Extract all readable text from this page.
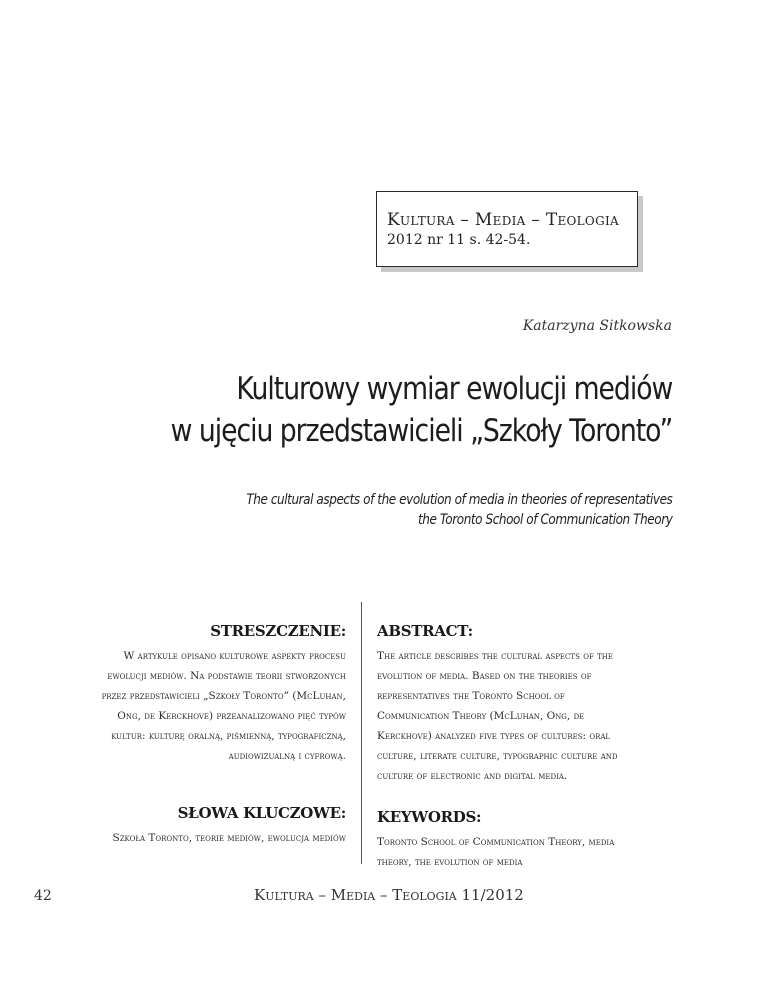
Kultura – Media – Teologia
2012 nr 11 s. 42-54.
Katarzyna Sitkowska
Kulturowy wymiar ewolucji mediów
w ujęciu przedstawicieli „Szkoły Toronto”
The cultural aspects of the evolution of media in theories of representatives
the Toronto School of Communication Theory
STRESZCZENIE:
W artykule opisano kulturowe aspekty procesu
ewolucji mediów. Na podstawie teorii stworzonych
przez przedstawicieli „Szkoły Toronto” (McLuhan,
Ong, de Kerckhove) przeanalizowano pięć typów
kultur: kulturę oralną, piśmienną, typograficzną,
audiowizualną i cyfrową.
ABSTRACT:
The article describes the cultural aspects of the
evolution of media. Based on the theories of
representatives the Toronto School of
Communication Theory (McLuhan, Ong, de
Kerckhove) analyzed five types of cultures: oral
culture, literate culture, typographic culture and
culture of electronic and digital media.
SŁOWA KLUCZOWE:
Szkoła Toronto, teorie mediów, ewolucja mediów
KEYWORDS:
Toronto School of Communication Theory, media
theory, the evolution of media
42	Kultura – Media – Teologia 11/2012
